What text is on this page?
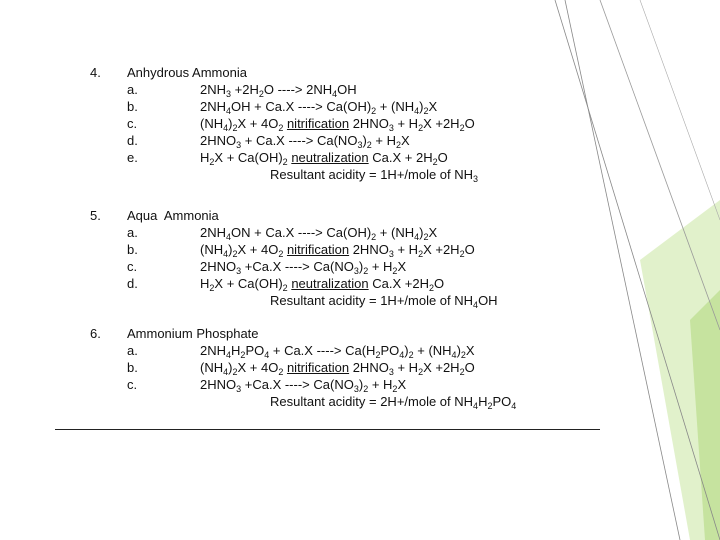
4. Anhydrous Ammonia
a.	$2NH_3 +2H_2O$ ----> $2NH_4OH$
b.	$2NH_4OH + Ca.X$ ----> $Ca(OH)_2 + (NH_4)_2X$
c.	$(NH_4)_2X + 4O_2$ nitrification $2HNO_3 + H_2X +2H_2O$
d.	$2HNO_3 + Ca.X$ ----> $Ca(NO_3)_2 + H_2X$
e.	$H_2X + Ca(OH)_2$ neutralization $Ca.X + 2H_2O$
Resultant acidity = 1H+/mole of $NH_3$
5. Aqua  Ammonia
a.	$2NH_4ON + Ca.X$ ----> $Ca(OH)_2 + (NH_4)_2X$
b.	$(NH_4)_2X + 4O_2$ nitrification $2HNO_3 + H_2X +2H_2O$
c.	$2HNO_3 +Ca.X$ ----> $Ca(NO_3)_2 + H_2X$
d.	$H_2X + Ca(OH)_2$ neutralization $Ca.X +2H_2O$
Resultant acidity = 1H+/mole of $NH_4OH$
6. Ammonium Phosphate
a.	$2NH_4H_2PO_4 + Ca.X$ ----> $Ca(H_2PO_4)_2 + (NH_4)_2X$
b.	$(NH_4)_2X + 4O_2$ nitrification $2HNO_3 + H_2X +2H_2O$
c.	$2HNO_3 +Ca.X$ ----> $Ca(NO_3)_2 + H_2X$
Resultant acidity = 2H+/mole of $NH_4H_2PO_4$
